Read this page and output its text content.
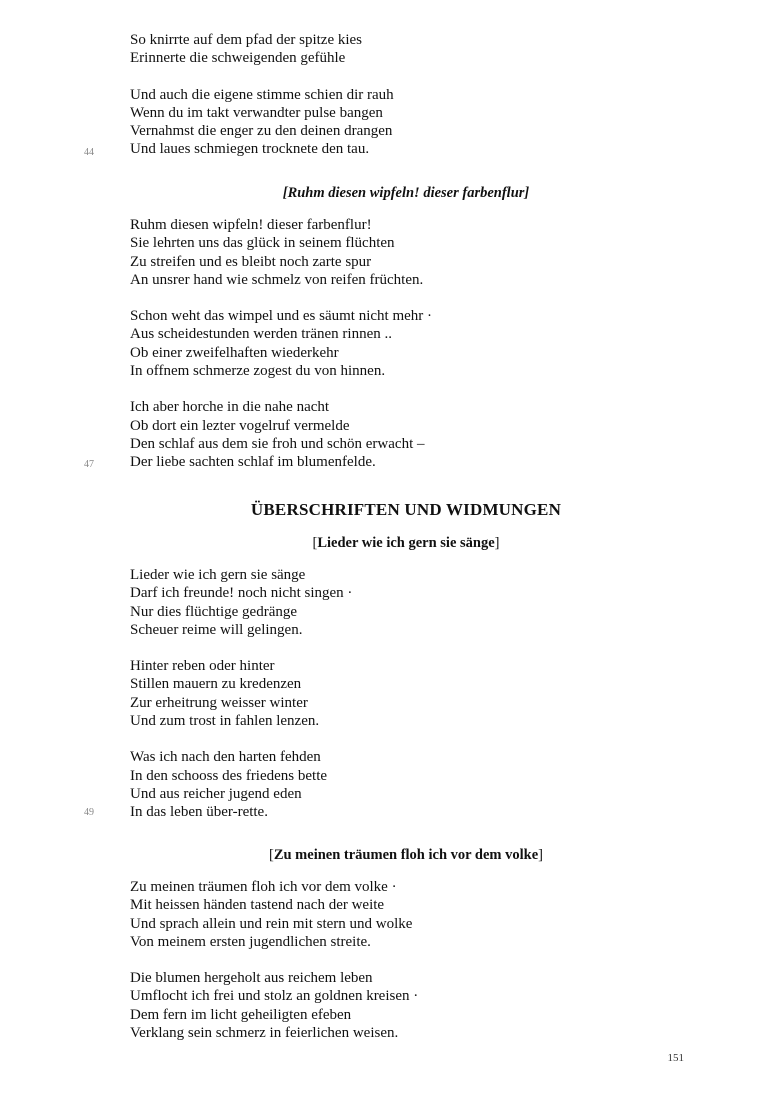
So knirrte auf dem pfad der spitze kies
Erinnerte die schweigenden gefühle
Und auch die eigene stimme schien dir rauh
Wenn du im takt verwandter pulse bangen
Vernahmst die enger zu den deinen drangen
Und laues schmiegen trocknete den tau.
44
[Ruhm diesen wipfeln! dieser farbenflur]
Ruhm diesen wipfeln! dieser farbenflur!
Sie lehrten uns das glück in seinem flüchten
Zu streifen und es bleibt noch zarte spur
An unsrer hand wie schmelz von reifen früchten.
Schon weht das wimpel und es säumt nicht mehr ·
Aus scheidestunden werden tränen rinnen ..
Ob einer zweifelhaften wiederkehr
In offnem schmerze zogest du von hinnen.
Ich aber horche in die nahe nacht
Ob dort ein lezter vogelruf vermelde
Den schlaf aus dem sie froh und schön erwacht –
Der liebe sachten schlaf im blumenfelde.
47
ÜBERSCHRIFTEN UND WIDMUNGEN
[Lieder wie ich gern sie sänge]
Lieder wie ich gern sie sänge
Darf ich freunde! noch nicht singen ·
Nur dies flüchtige gedränge
Scheuer reime will gelingen.
Hinter reben oder hinter
Stillen mauern zu kredenzen
Zur erheitrung weisser winter
Und zum trost in fahlen lenzen.
Was ich nach den harten fehden
In den schooss des friedens bette
Und aus reicher jugend eden
In das leben über-rette.
49
[Zu meinen träumen floh ich vor dem volke]
Zu meinen träumen floh ich vor dem volke ·
Mit heissen händen tastend nach der weite
Und sprach allein und rein mit stern und wolke
Von meinem ersten jugendlichen streite.
Die blumen hergeholt aus reichem leben
Umflocht ich frei und stolz an goldnen kreisen ·
Dem fern im licht geheiligten efeben
Verklang sein schmerz in feierlichen weisen.
151
